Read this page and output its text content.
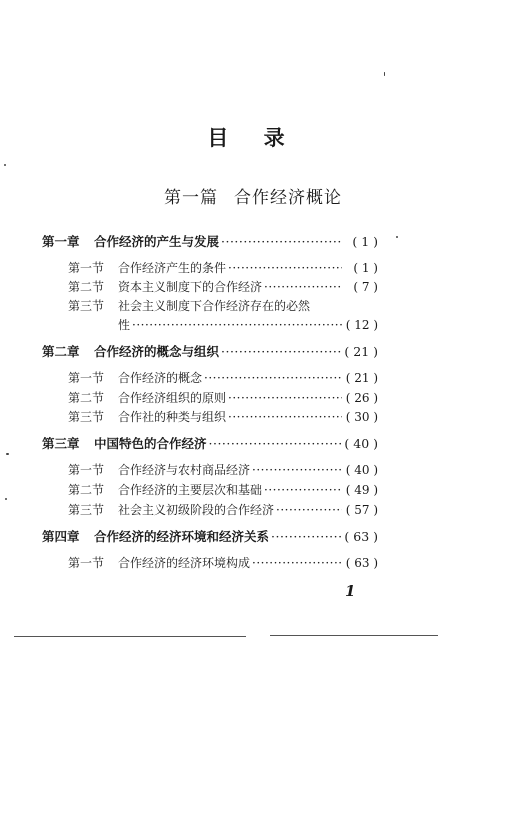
目 录
第一篇 合作经济概论
第一章	合作经济的产生与发展 ·····	( 1 )
第一节	合作经济产生的条件 ·····	( 1 )
第二节	资本主义制度下的合作经济 ·····	( 7 )
第三节	社会主义制度下合作经济存在的必然
性 ·····	( 12 )
第二章	合作经济的概念与组织 ·····	( 21 )
第一节	合作经济的概念 ·····	( 21 )
第二节	合作经济组织的原则 ·····	( 26 )
第三节	合作社的种类与组织 ·····	( 30 )
第三章	中国特色的合作经济 ·····	( 40 )
第一节	合作经济与农村商品经济 ·····	( 40 )
第二节	合作经济的主要层次和基础 ·····	( 49 )
第三节	社会主义初级阶段的合作经济 ·····	( 57 )
第四章	合作经济的经济环境和经济关系 ·····	( 63 )
第一节	合作经济的经济环境构成 ·····	( 63 )
1
